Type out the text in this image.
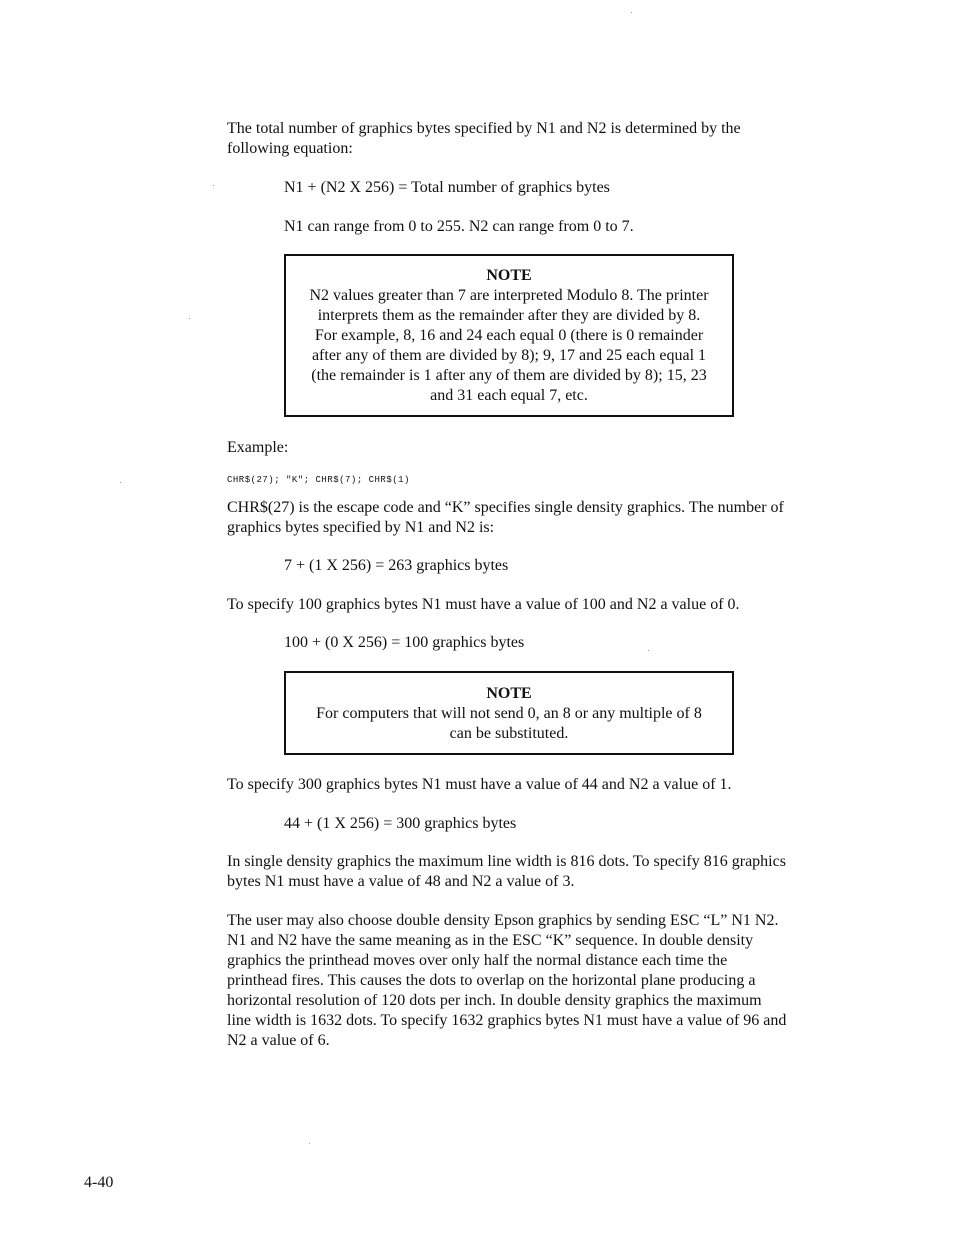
The total number of graphics bytes specified by N1 and N2 is determined by the following equation:

N1 + (N2 X 256) = Total number of graphics bytes

N1 can range from 0 to 255. N2 can range from 0 to 7.

NOTE

N2 values greater than 7 are interpreted Modulo 8. The printer interprets them as the remainder after they are divided by 8. For example, 8, 16 and 24 each equal 0 (there is 0 remainder after any of them are divided by 8); 9, 17 and 25 each equal 1 (the remainder is 1 after any of them are divided by 8); 15, 23 and 31 each equal 7, etc.

Example:

CHR$(27); "K"; CHR$(7); CHR$(1)

CHR$(27) is the escape code and “K” specifies single density graphics. The number of graphics bytes specified by N1 and N2 is:

7 + (1 X 256) = 263 graphics bytes

To specify 100 graphics bytes N1 must have a value of 100 and N2 a value of 0.

100 + (0 X 256) = 100 graphics bytes

NOTE

For computers that will not send 0, an 8 or any multiple of 8 can be substituted.

To specify 300 graphics bytes N1 must have a value of 44 and N2 a value of 1.

44 + (1 X 256) = 300 graphics bytes

In single density graphics the maximum line width is 816 dots. To specify 816 graphics bytes N1 must have a value of 48 and N2 a value of 3.

The user may also choose double density Epson graphics by sending ESC “L” N1 N2. N1 and N2 have the same meaning as in the ESC “K” sequence. In double density graphics the printhead moves over only half the normal distance each time the printhead fires. This causes the dots to overlap on the horizontal plane producing a horizontal resolution of 120 dots per inch. In double density graphics the maximum line width is 1632 dots. To specify 1632 graphics bytes N1 must have a value of 96 and N2 a value of 6.

4-40
